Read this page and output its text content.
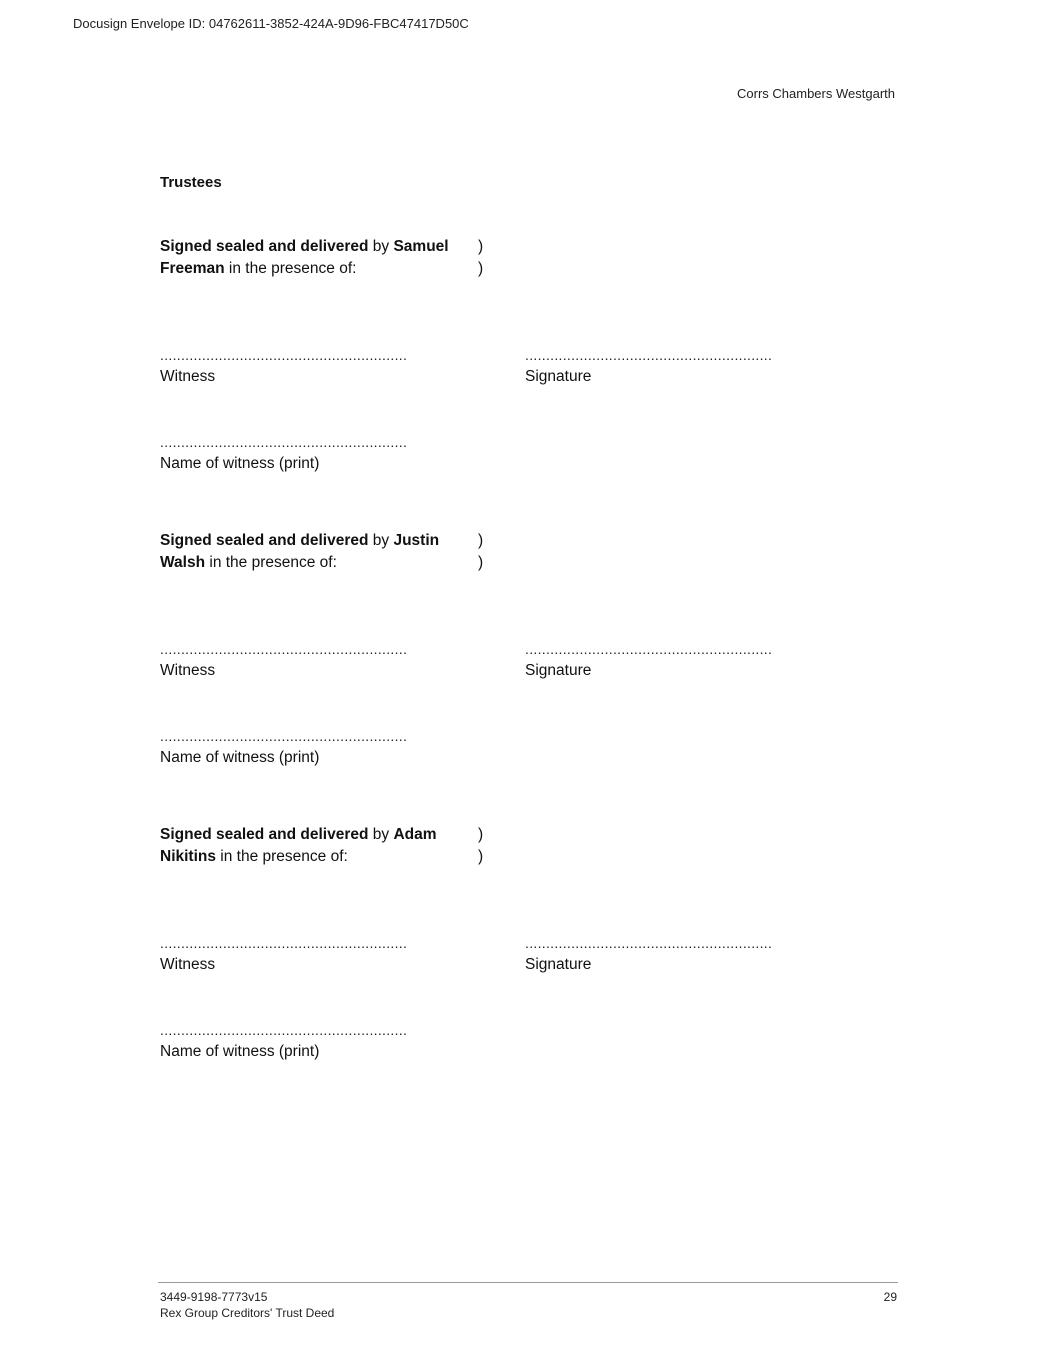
Docusign Envelope ID: 04762611-3852-424A-9D96-FBC47417D50C
Corrs Chambers Westgarth
Trustees
Signed sealed and delivered by Samuel
Freeman in the presence of:
)
)
...........................................................
Witness
...........................................................
Signature
...........................................................
Name of witness (print)
Signed sealed and delivered by Justin
Walsh in the presence of:
)
)
...........................................................
Witness
...........................................................
Signature
...........................................................
Name of witness (print)
Signed sealed and delivered by Adam
Nikitins in the presence of:
)
)
...........................................................
Witness
...........................................................
Signature
...........................................................
Name of witness (print)
3449-9198-7773v15
Rex Group Creditors' Trust Deed
29
